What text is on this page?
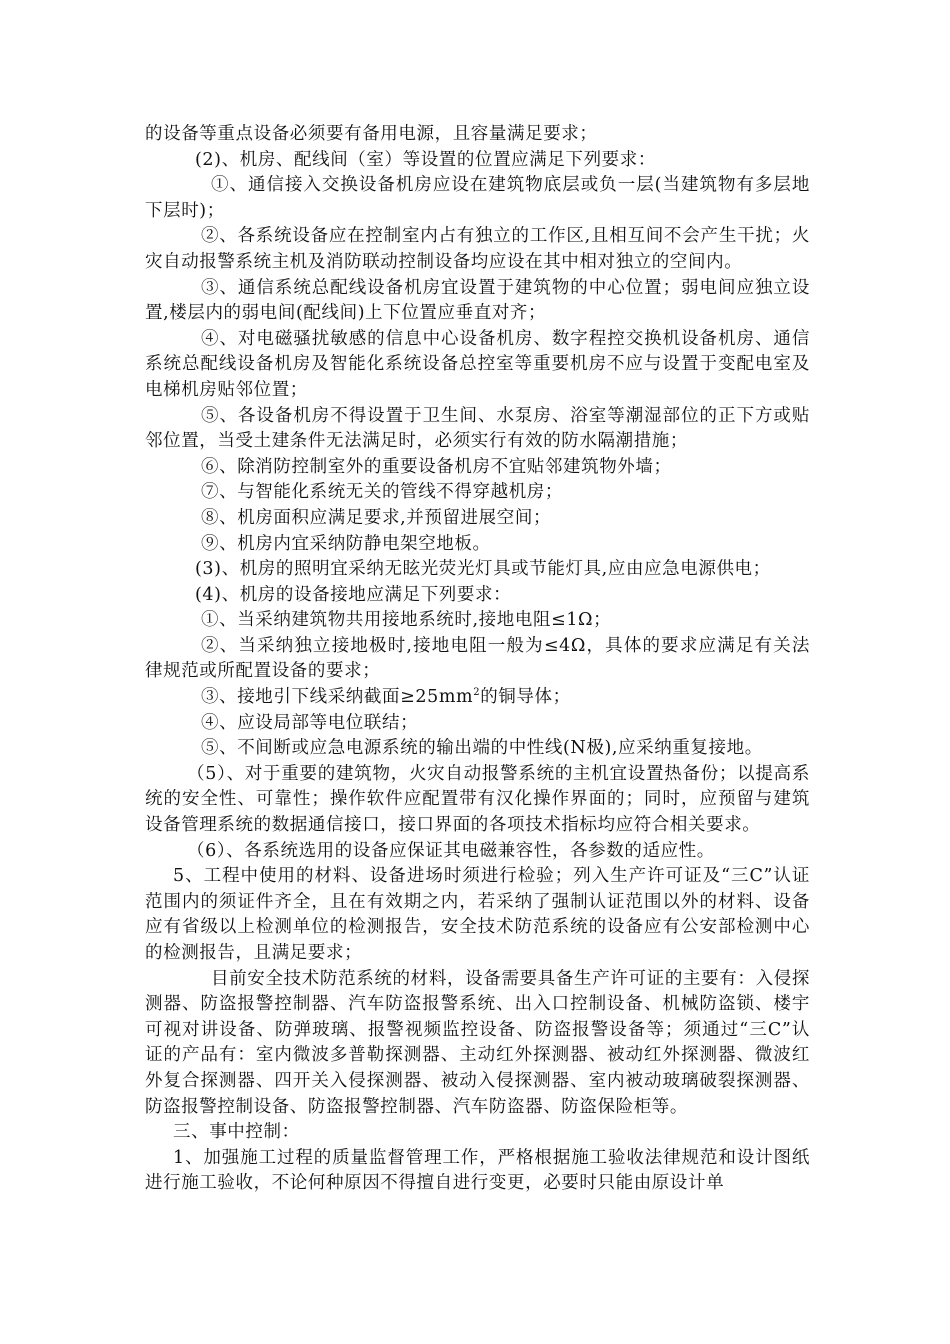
的设备等重点设备必须要有备用电源，且容量满足要求；

(2)、机房、配线间（室）等设置的位置应满足下列要求：

①、通信接入交换设备机房应设在建筑物底层或负一层(当建筑物有多层地下层时)；

②、各系统设备应在控制室内占有独立的工作区,且相互间不会产生干扰；火灾自动报警系统主机及消防联动控制设备均应设在其中相对独立的空间内。

③、通信系统总配线设备机房宜设置于建筑物的中心位置；弱电间应独立设置,楼层内的弱电间(配线间)上下位置应垂直对齐；

④、对电磁骚扰敏感的信息中心设备机房、数字程控交换机设备机房、通信系统总配线设备机房及智能化系统设备总控室等重要机房不应与设置于变配电室及电梯机房贴邻位置；

⑤、各设备机房不得设置于卫生间、水泵房、浴室等潮湿部位的正下方或贴邻位置，当受土建条件无法满足时，必须实行有效的防水隔潮措施；

⑥、除消防控制室外的重要设备机房不宜贴邻建筑物外墙；

⑦、与智能化系统无关的管线不得穿越机房；

⑧、机房面积应满足要求,并预留进展空间；

⑨、机房内宜采纳防静电架空地板。

(3)、机房的照明宜采纳无眩光荧光灯具或节能灯具,应由应急电源供电；

(4)、机房的设备接地应满足下列要求：

①、当采纳建筑物共用接地系统时,接地电阻≤1Ω；

②、当采纳独立接地极时,接地电阻一般为≤4Ω，具体的要求应满足有关法律规范或所配置设备的要求；

③、接地引下线采纳截面$\ge 25mm^2$的铜导体；

④、应设局部等电位联结；

⑤、不间断或应急电源系统的输出端的中性线(N极),应采纳重复接地。

（5）、对于重要的建筑物，火灾自动报警系统的主机宜设置热备份；以提高系统的安全性、可靠性；操作软件应配置带有汉化操作界面的；同时，应预留与建筑设备管理系统的数据通信接口，接口界面的各项技术指标均应符合相关要求。

（6）、各系统选用的设备应保证其电磁兼容性，各参数的适应性。

5、工程中使用的材料、设备进场时须进行检验；列入生产许可证及“三C”认证范围内的须证件齐全，且在有效期之内，若采纳了强制认证范围以外的材料、设备应有省级以上检测单位的检测报告，安全技术防范系统的设备应有公安部检测中心的检测报告，且满足要求；

目前安全技术防范系统的材料，设备需要具备生产许可证的主要有：入侵探测器、防盗报警控制器、汽车防盗报警系统、出入口控制设备、机械防盗锁、楼宇可视对讲设备、防弹玻璃、报警视频监控设备、防盗报警设备等；须通过“三C”认证的产品有：室内微波多普勒探测器、主动红外探测器、被动红外探测器、微波红外复合探测器、四开关入侵探测器、被动入侵探测器、室内被动玻璃破裂探测器、防盗报警控制设备、防盗报警控制器、汽车防盗器、防盗保险柜等。

三、事中控制：

1、加强施工过程的质量监督管理工作，严格根据施工验收法律规范和设计图纸进行施工验收，不论何种原因不得擅自进行变更，必要时只能由原设计单
